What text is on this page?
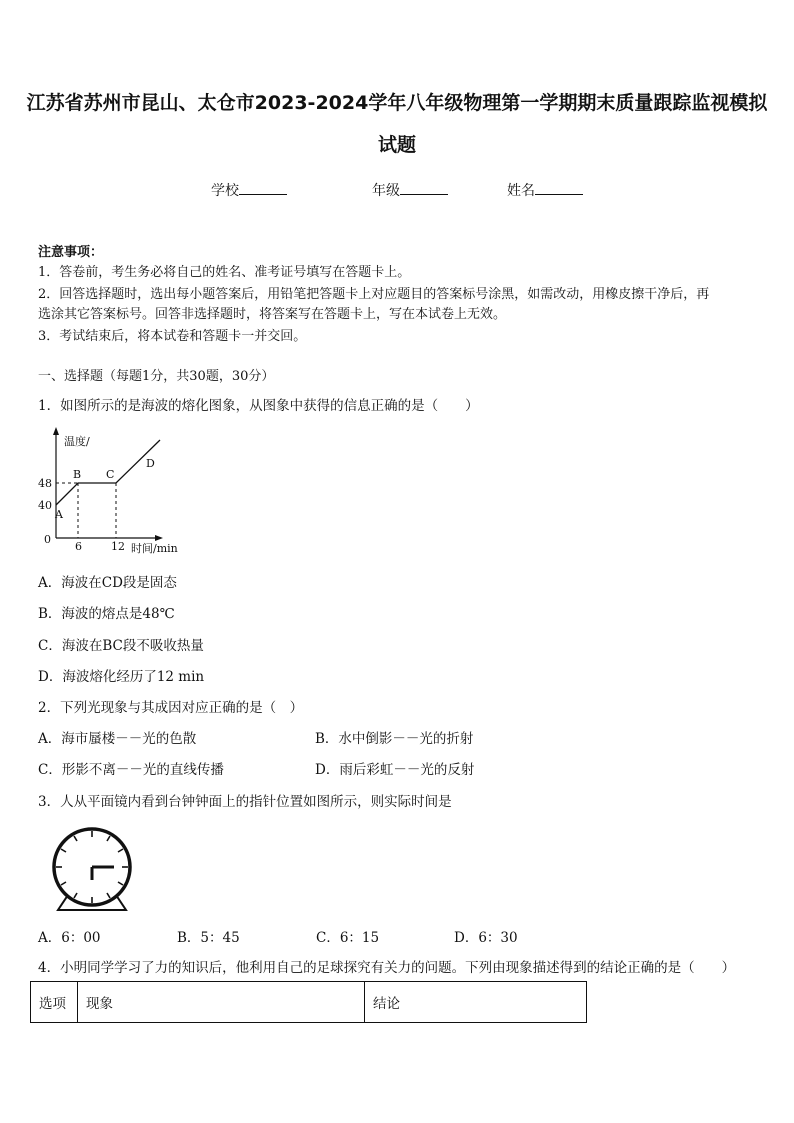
江苏省苏州市昆山、太仓市2023-2024学年八年级物理第一学期期末质量跟踪监视模拟
试题
学校	年级	姓名
注意事项：
1．答卷前，考生务必将自己的姓名、准考证号填写在答题卡上。
2．回答选择题时，选出每小题答案后，用铅笔把答题卡上对应题目的答案标号涂黑，如需改动，用橡皮擦干净后，再
选涂其它答案标号。回答非选择题时，将答案写在答题卡上，写在本试卷上无效。
3．考试结束后，将本试卷和答题卡一并交回。
一、选择题（每题1分，共30题，30分）
1．如图所示的是海波的熔化图象，从图象中获得的信息正确的是（　　）
温度/
时间/min
0
6	12
40
48
A
B C
D
A．海波在CD段是固态
B．海波的熔点是48℃
C．海波在BC段不吸收热量
D．海波熔化经历了12 min
2．下列光现象与其成因对应正确的是（　）
A．海市蜃楼－－光的色散	B．水中倒影－－光的折射
C．形影不离－－光的直线传播	D．雨后彩虹－－光的反射
3．人从平面镜内看到台钟钟面上的指针位置如图所示，则实际时间是
A．6：00	B．5：45	C．6：15	D．6：30
4．小明同学学习了力的知识后，他利用自己的足球探究有关力的问题。下列由现象描述得到的结论正确的是（　　）
选项	现象	结论
